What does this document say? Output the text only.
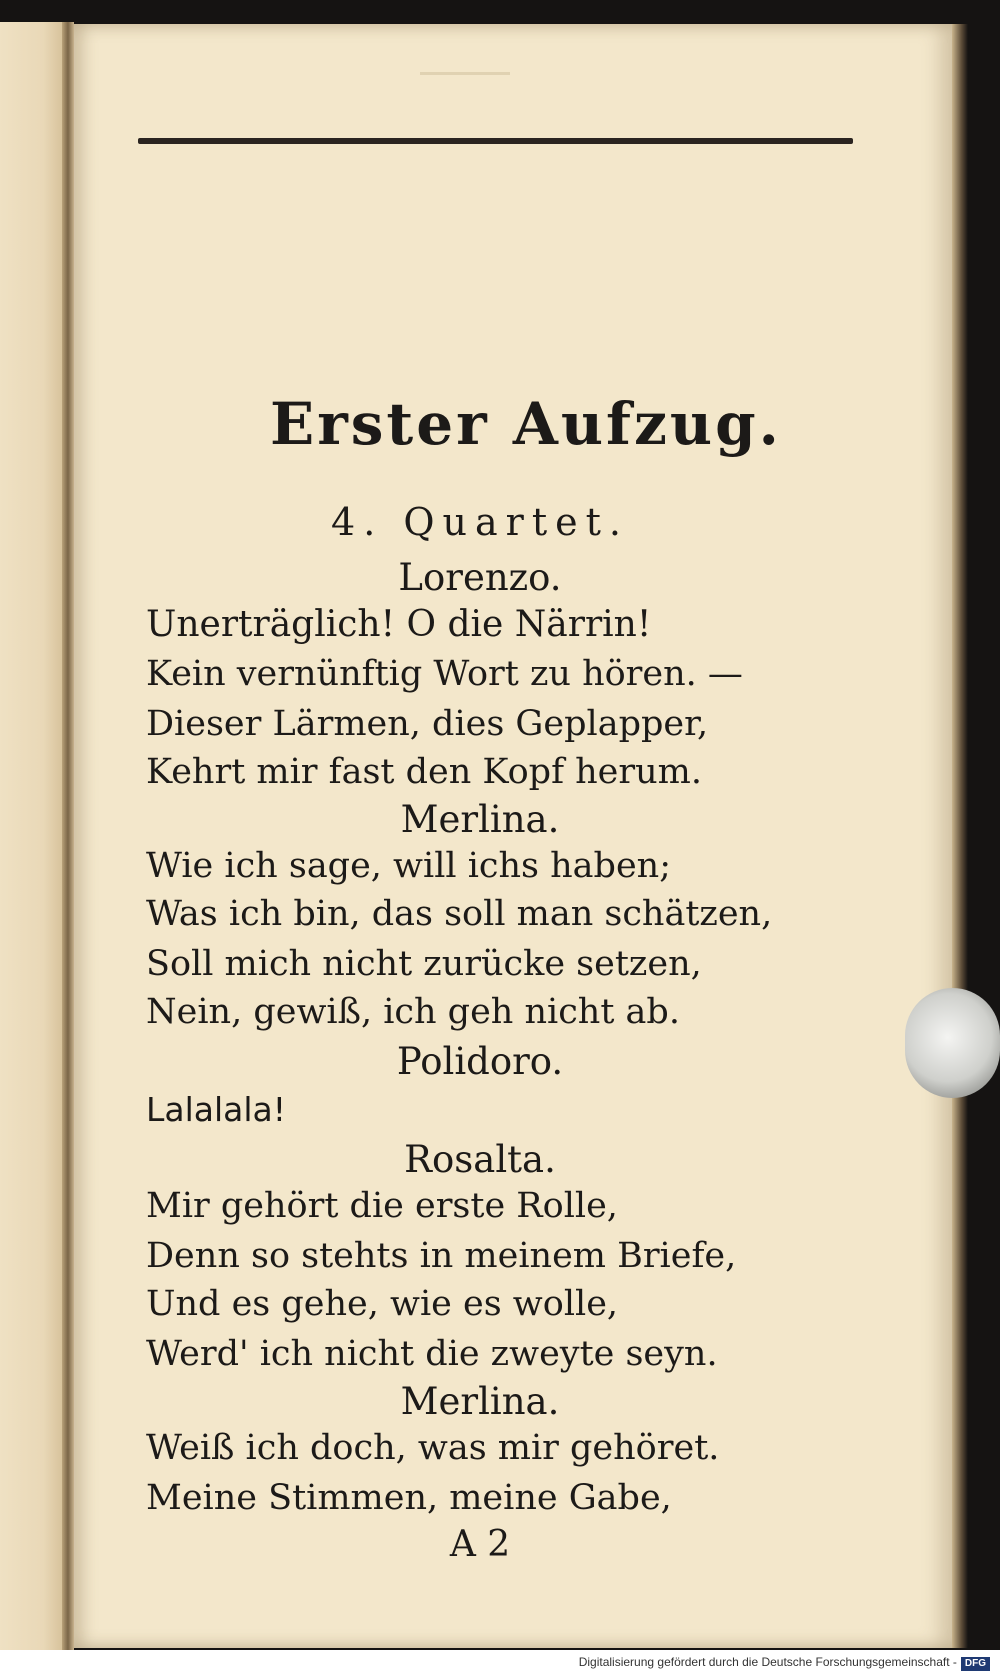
Erster Aufzug.
4. Quartet.
Lorenzo.
Unerträglich! O die Närrin!
Kein vernünftig Wort zu hören. —
Dieser Lärmen, dies Geplapper,
Kehrt mir fast den Kopf herum.
Merlina.
Wie ich sage, will ichs haben;
Was ich bin, das soll man schätzen,
Soll mich nicht zurücke setzen,
Nein, gewiß, ich geh nicht ab.
Polidoro.
Lalalala!
Rosalta.
Mir gehört die erste Rolle,
Denn so stehts in meinem Briefe,
Und es gehe, wie es wolle,
Werd' ich nicht die zweyte seyn.
Merlina.
Weiß ich doch, was mir gehöret.
Meine Stimmen, meine Gabe,
A 2
Digitalisierung gefördert durch die Deutsche Forschungsgemeinschaft - DFG
